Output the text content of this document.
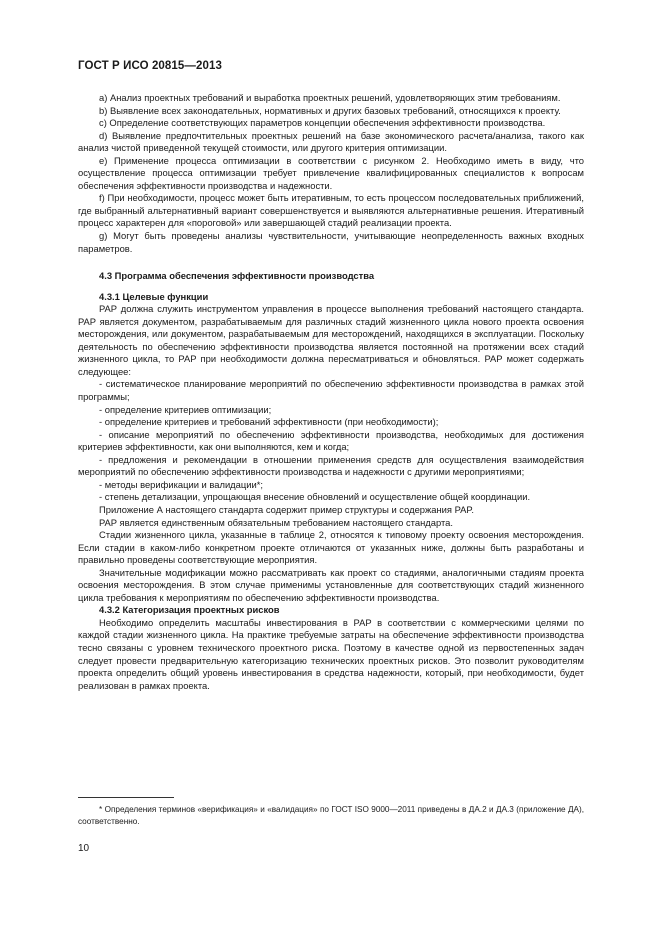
ГОСТ Р ИСО 20815—2013

а) Анализ проектных требований и выработка проектных решений, удовлетворяющих этим требованиям.

b) Выявление всех законодательных, нормативных и других базовых требований, относящихся к проекту.

c) Определение соответствующих параметров концепции обеспечения эффективности производства.

d) Выявление предпочтительных проектных решений на базе экономического расчета/анализа, такого как анализ чистой приведенной текущей стоимости, или другого критерия оптимизации.

e) Применение процесса оптимизации в соответствии с рисунком 2. Необходимо иметь в виду, что осуществление процесса оптимизации требует привлечение квалифицированных специалистов к вопросам обеспечения эффективности производства и надежности.

f) При необходимости, процесс может быть итеративным, то есть процессом последовательных приближений, где выбранный альтернативный вариант совершенствуется и выявляются альтернативные решения. Итеративный процесс характерен для «пороговой» или завершающей стадий реализации проекта.

g) Могут быть проведены анализы чувствительности, учитывающие неопределенность важных входных параметров.

4.3 Программа обеспечения эффективности производства

4.3.1 Целевые функции

PAP должна служить инструментом управления в процессе выполнения требований настоящего стандарта. PAP является документом, разрабатываемым для различных стадий жизненного цикла нового проекта освоения месторождения, или документом, разрабатываемым для месторождений, находящихся в эксплуатации. Поскольку деятельность по обеспечению эффективности производства является постоянной на протяжении всех стадий жизненного цикла, то PAP при необходимости должна пересматриваться и обновляться. PAP может содержать следующее:

- систематическое планирование мероприятий по обеспечению эффективности производства в рамках этой программы;

- определение критериев оптимизации;

- определение критериев и требований эффективности (при необходимости);

- описание мероприятий по обеспечению эффективности производства, необходимых для достижения критериев эффективности, как они выполняются, кем и когда;

- предложения и рекомендации в отношении применения средств для осуществления взаимодействия мероприятий по обеспечению эффективности производства и надежности с другими мероприятиями;

- методы верификации и валидации*;

- степень детализации, упрощающая внесение обновлений и осуществление общей координации.

Приложение А настоящего стандарта содержит пример структуры и содержания PAP.

PAP является единственным обязательным требованием настоящего стандарта.

Стадии жизненного цикла, указанные в таблице 2, относятся к типовому проекту освоения месторождения. Если стадии в каком-либо конкретном проекте отличаются от указанных ниже, должны быть разработаны и правильно проведены соответствующие мероприятия.

Значительные модификации можно рассматривать как проект со стадиями, аналогичными стадиям проекта освоения месторождения. В этом случае применимы установленные для соответствующих стадий жизненного цикла требования к мероприятиям по обеспечению эффективности производства.

4.3.2 Категоризация проектных рисков

Необходимо определить масштабы инвестирования в PAP в соответствии с коммерческими целями по каждой стадии жизненного цикла. На практике требуемые затраты на обеспечение эффективности производства тесно связаны с уровнем технического проектного риска. Поэтому в качестве одной из первостепенных задач следует провести предварительную категоризацию технических проектных рисков. Это позволит руководителям проекта определить общий уровень инвестирования в средства надежности, который, при необходимости, будет реализован в рамках проекта.

* Определения терминов «верификация» и «валидация» по ГОСТ ISO 9000—2011 приведены в ДА.2 и ДА.3 (приложение ДА), соответственно.
10
